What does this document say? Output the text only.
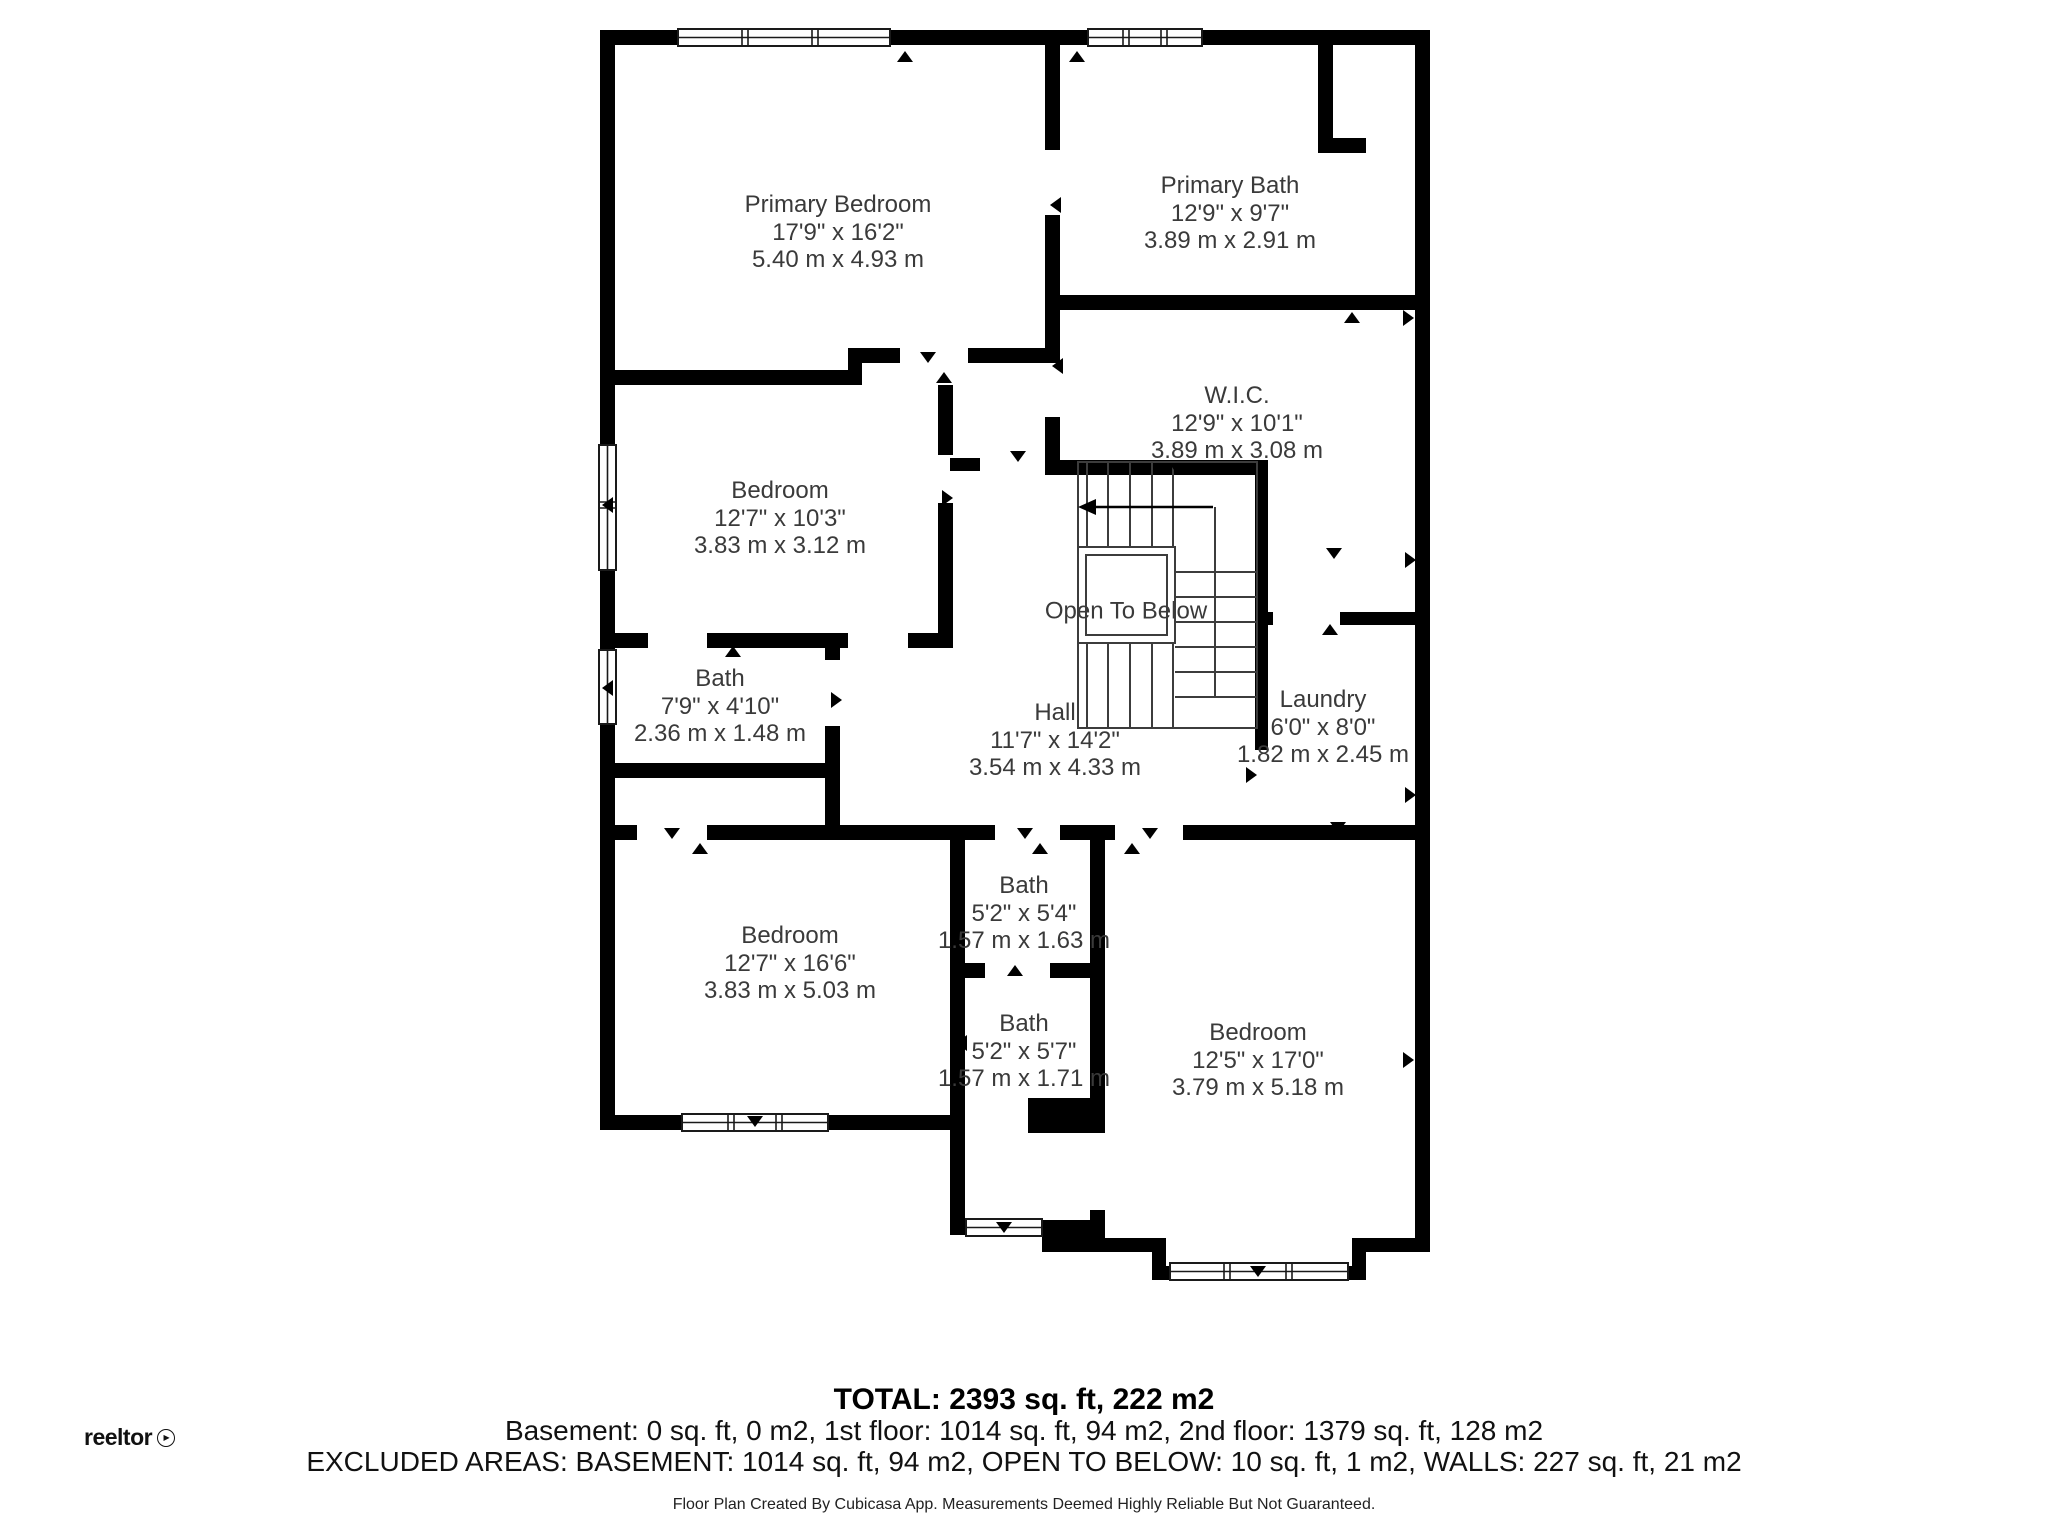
Primary Bedroom
17'9" x 16'2"
5.40 m x 4.93 m
Primary Bath
12'9" x 9'7"
3.89 m x 2.91 m
W.I.C.
12'9" x 10'1"
3.89 m x 3.08 m
Bedroom
12'7" x 10'3"
3.83 m x 3.12 m
Bath
7'9" x 4'10"
2.36 m x 1.48 m
Open To Below
Hall
11'7" x 14'2"
3.54 m x 4.33 m
Laundry
6'0" x 8'0"
1.82 m x 2.45 m
Bedroom
12'7" x 16'6"
3.83 m x 5.03 m
Bath
5'2" x 5'4"
1.57 m x 1.63 m
Bath
5'2" x 5'7"
1.57 m x 1.71 m
Bedroom
12'5" x 17'0"
3.79 m x 5.18 m
TOTAL: 2393 sq. ft, 222 m2
Basement: 0 sq. ft, 0 m2, 1st floor: 1014 sq. ft, 94 m2, 2nd floor: 1379 sq. ft, 128 m2
EXCLUDED AREAS: BASEMENT: 1014 sq. ft, 94 m2, OPEN TO BELOW: 10 sq. ft, 1 m2, WALLS: 227 sq. ft, 21 m2
Floor Plan Created By Cubicasa App. Measurements Deemed Highly Reliable But Not Guaranteed.
reeltor ▶
